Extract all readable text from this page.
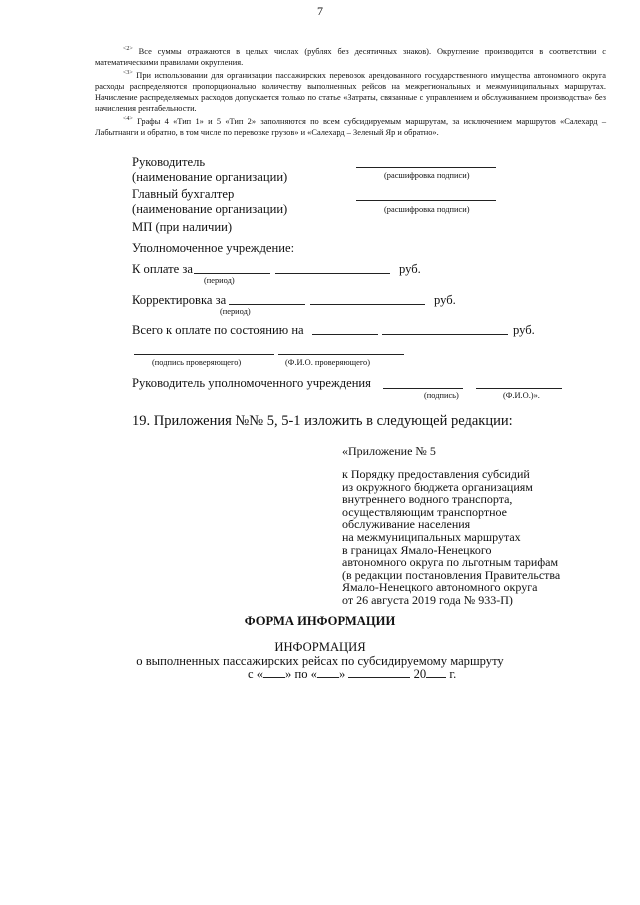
7

$^{<2>}$ Все суммы отражаются в целых числах (рублях без десятичных знаков). Округление производится в соответствии с математическими правилами округления.

$^{<3>}$ При использовании для организации пассажирских перевозок арендованного государственного имущества автономного округа расходы распределяются пропорционально количеству выполненных рейсов на межрегиональных и межмуниципальных маршрутах. Начисление распределяемых расходов допускается только по статье «Затраты, связанные с управлением и обслуживанием производства» без начисления рентабельности.

$^{<4>}$ Графы 4 «Тип 1» и 5 «Тип 2» заполняются по всем субсидируемым маршрутам, за исключением маршрутов «Салехард – Лабытнанги и обратно, в том числе по перевозке грузов» и «Салехард – Зеленый Яр и обратно».

Руководитель
(наименование организации)	(расшифровка подписи)
Главный бухгалтер
(наименование организации)	(расшифровка подписи)
МП (при наличии)
Уполномоченное учреждение:
К оплате за	руб.
(период)
Корректировка за	руб.
(период)
Всего к оплате по состоянию на	руб.
(подпись проверяющего)	(Ф.И.О. проверяющего)
Руководитель уполномоченного учреждения
(подпись)	(Ф.И.О.)».
19. Приложения №№ 5, 5-1 изложить в следующей редакции:
«Приложение № 5
к Порядку предоставления субсидий
из окружного бюджета организациям
внутреннего водного транспорта,
осуществляющим транспортное
обслуживание населения
на межмуниципальных маршрутах
в границах Ямало-Ненецкого
автономного округа по льготным тарифам
(в редакции постановления Правительства
Ямало-Ненецкого автономного округа
от 26 августа 2019 года № 933-П)
ФОРМА ИНФОРМАЦИИ
ИНФОРМАЦИЯ
о выполненных пассажирских рейсах по субсидируемому маршруту
с « » по « »	20 г.
